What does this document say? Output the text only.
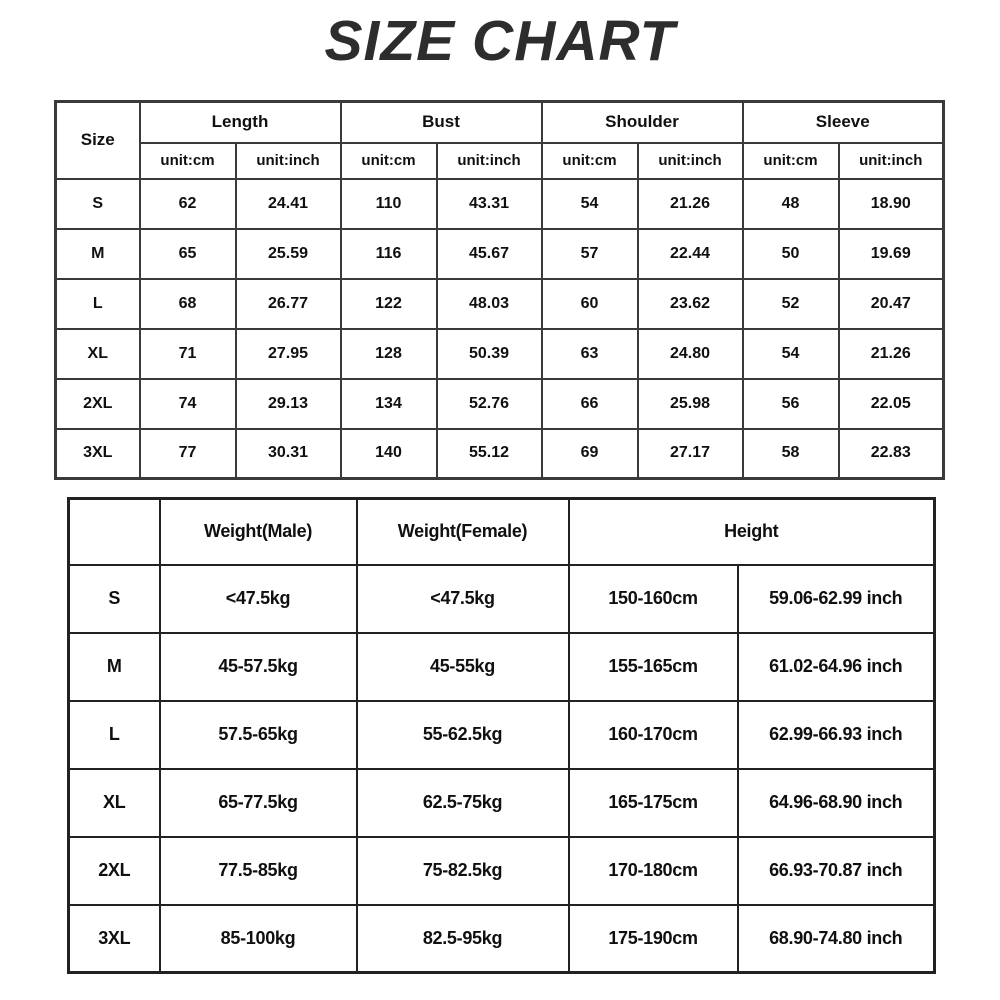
SIZE CHART
Size	Length		Bust		Shoulder		Sleeve	
	unit:cm	unit:inch	unit:cm	unit:inch	unit:cm	unit:inch	unit:cm	unit:inch
S	62	24.41	110	43.31	54	21.26	48	18.90
M	65	25.59	116	45.67	57	22.44	50	19.69
L	68	26.77	122	48.03	60	23.62	52	20.47
XL	71	27.95	128	50.39	63	24.80	54	21.26
2XL	74	29.13	134	52.76	66	25.98	56	22.05
3XL	77	30.31	140	55.12	69	27.17	58	22.83
	Weight(Male)	Weight(Female)	Height	
S	<47.5kg	<47.5kg	150-160cm	59.06-62.99 inch
M	45-57.5kg	45-55kg	155-165cm	61.02-64.96 inch
L	57.5-65kg	55-62.5kg	160-170cm	62.99-66.93 inch
XL	65-77.5kg	62.5-75kg	165-175cm	64.96-68.90 inch
2XL	77.5-85kg	75-82.5kg	170-180cm	66.93-70.87 inch
3XL	85-100kg	82.5-95kg	175-190cm	68.90-74.80 inch
